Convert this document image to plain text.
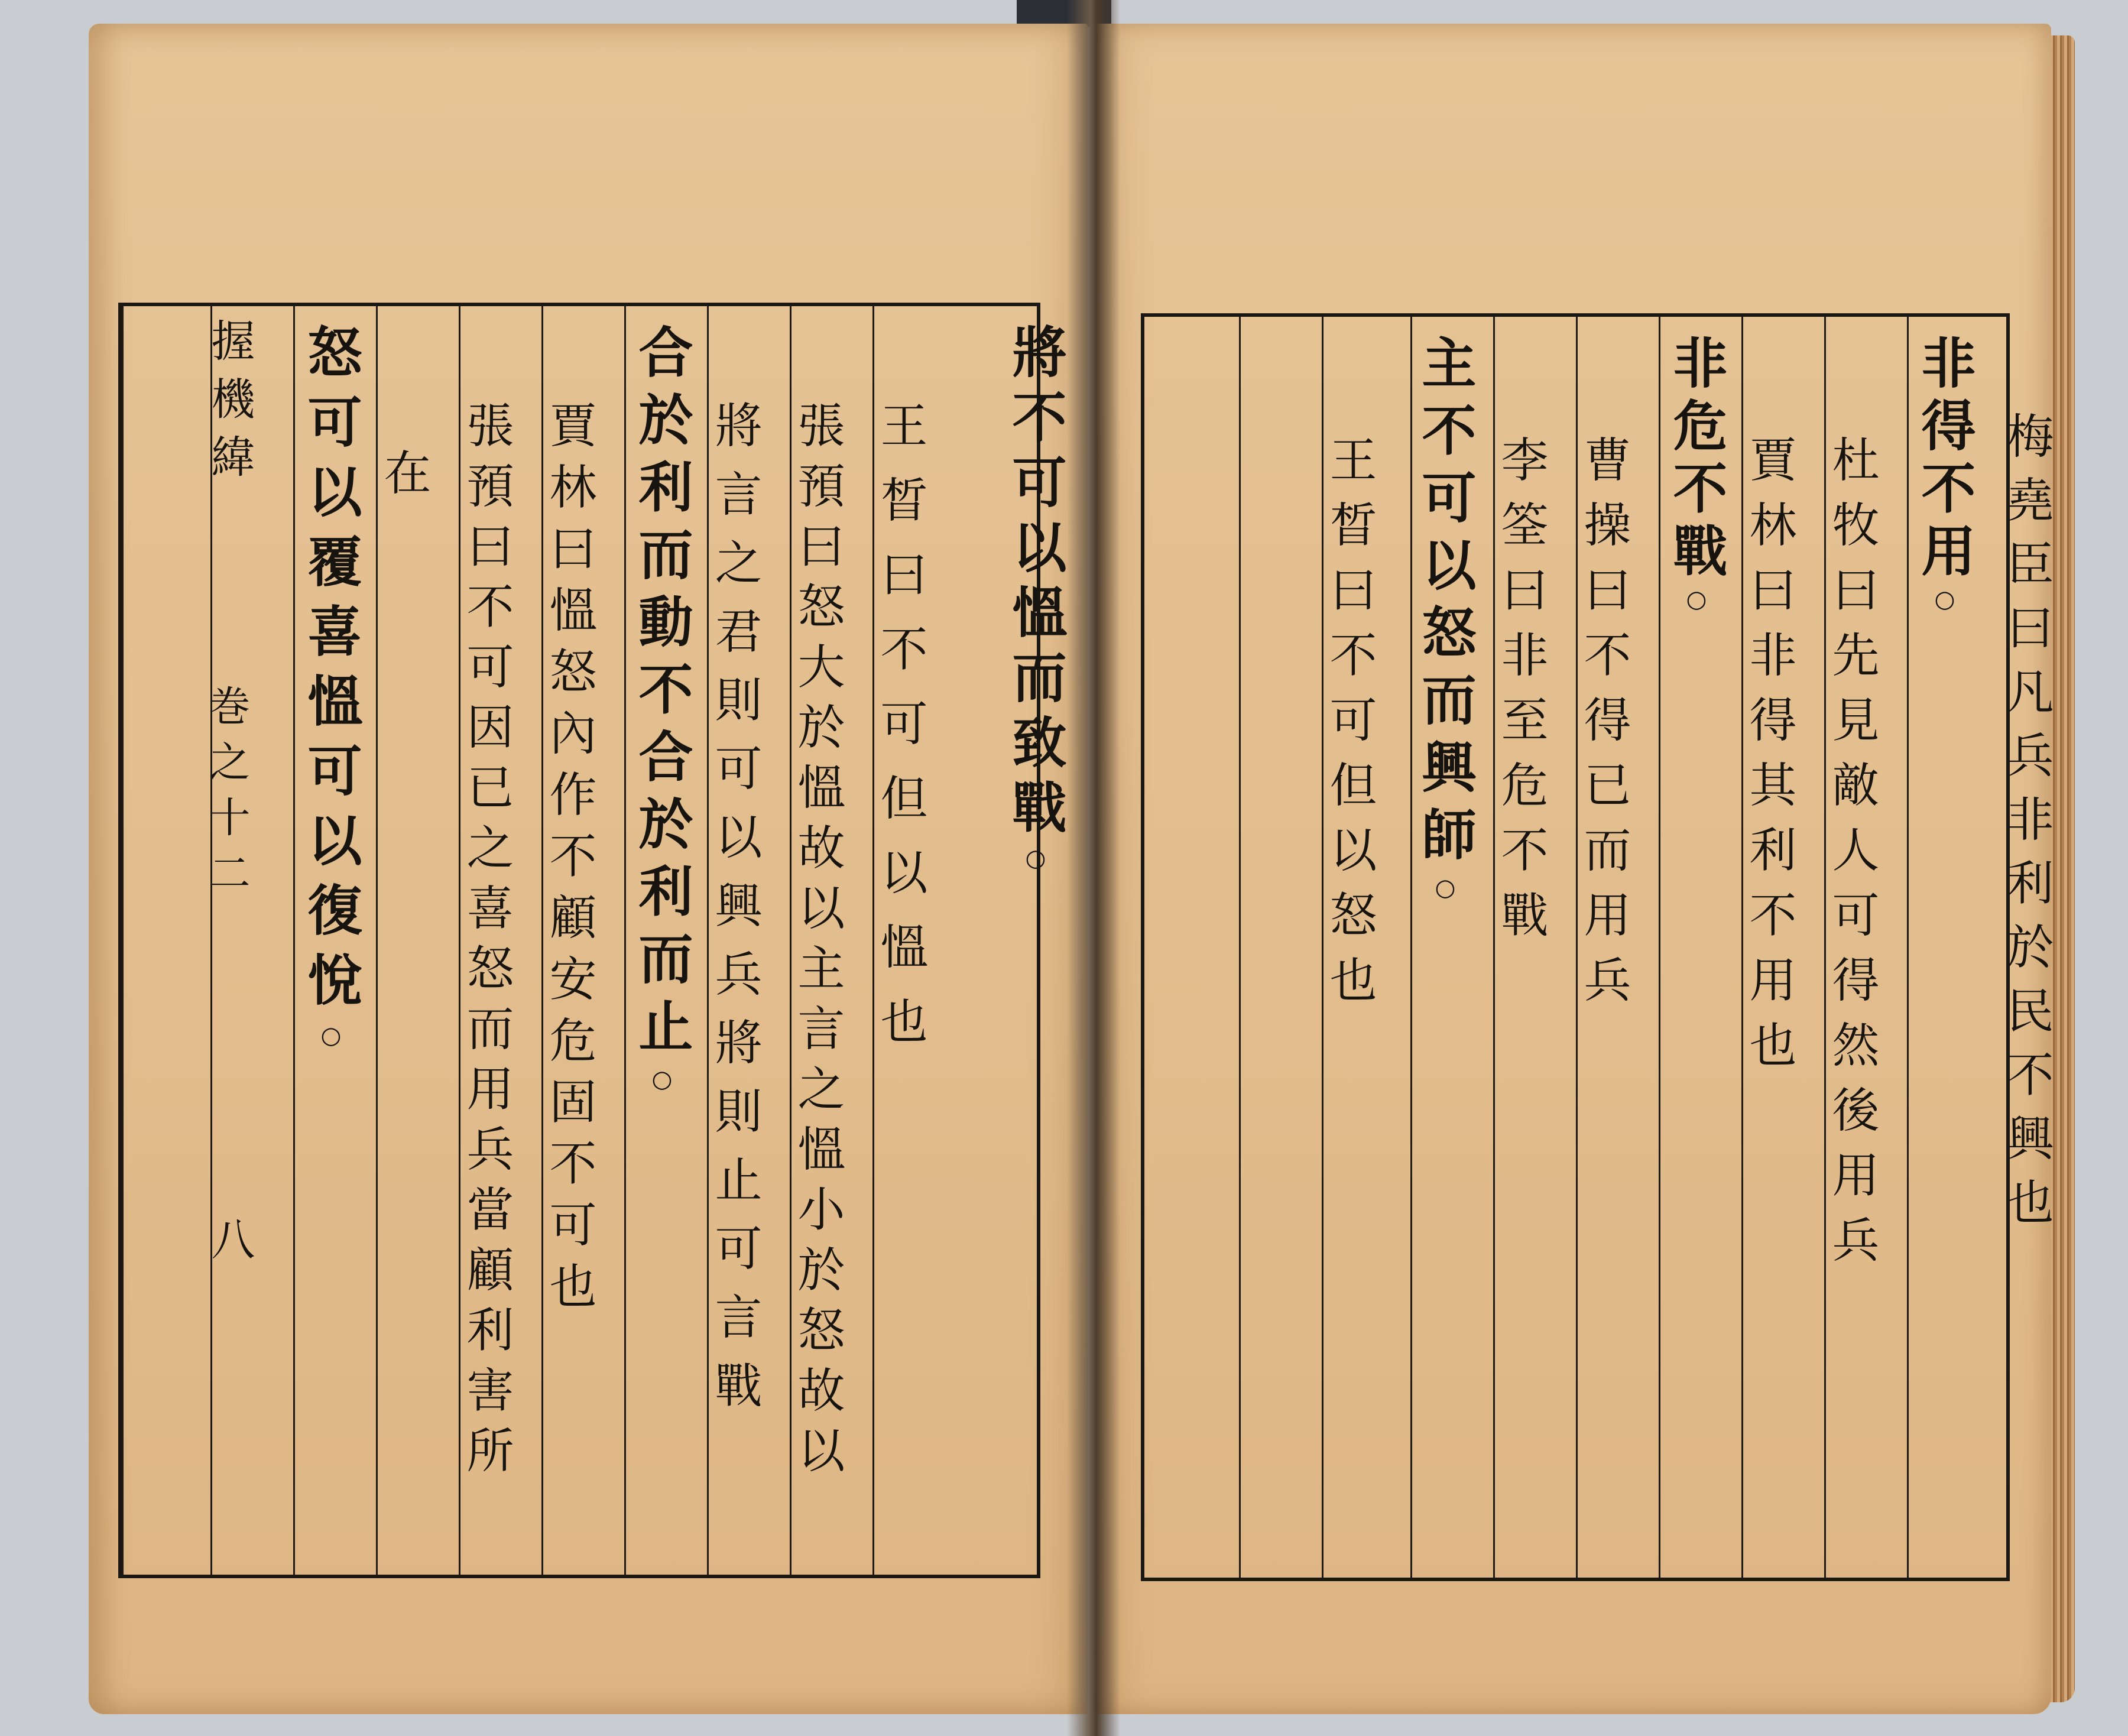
將不可以慍而致戰○
王晳曰不可但以慍也
張預曰怒大於慍故以主言之慍小於怒故以
將言之君則可以興兵將則止可言戰
合於利而動不合於利而止○
賈林曰慍怒內作不顧安危固不可也
張預曰不可因已之喜怒而用兵當顧利害所
在
怒可以覆喜慍可以復悅○
握機緯
巻之十二
八
梅堯臣曰凡兵非利於民不興也
非得不用○
杜牧曰先見敵人可得然後用兵
賈林曰非得其利不用也
非危不戰○
曹操曰不得已而用兵
李筌曰非至危不戰
主不可以怒而興師○
王晳曰不可但以怒也
